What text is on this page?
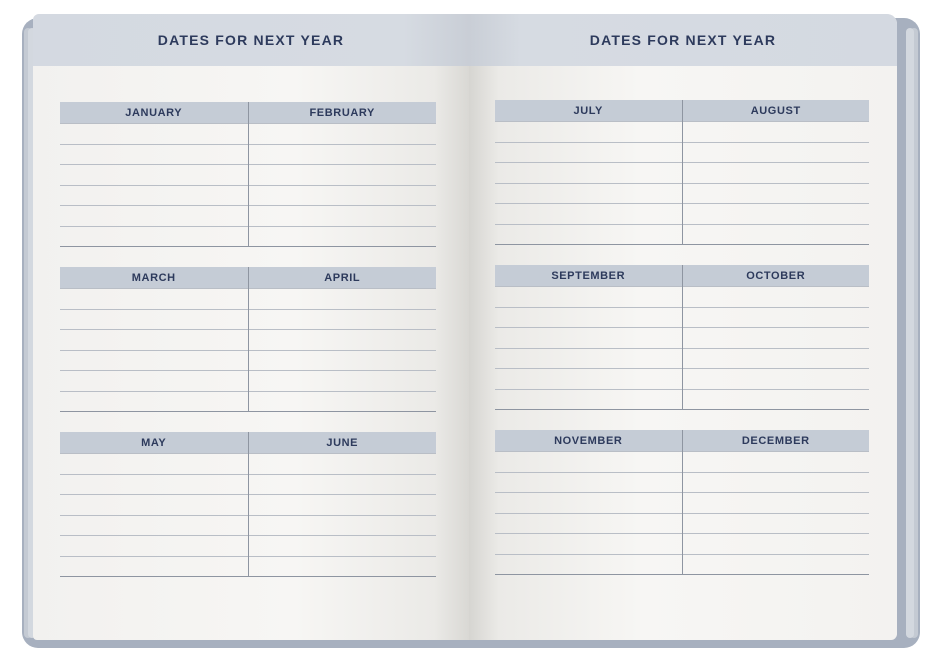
DATES FOR NEXT YEAR
JANUARY	FEBRUARY
MARCH	APRIL
MAY	JUNE
DATES FOR NEXT YEAR
JULY	AUGUST
SEPTEMBER	OCTOBER
NOVEMBER	DECEMBER
